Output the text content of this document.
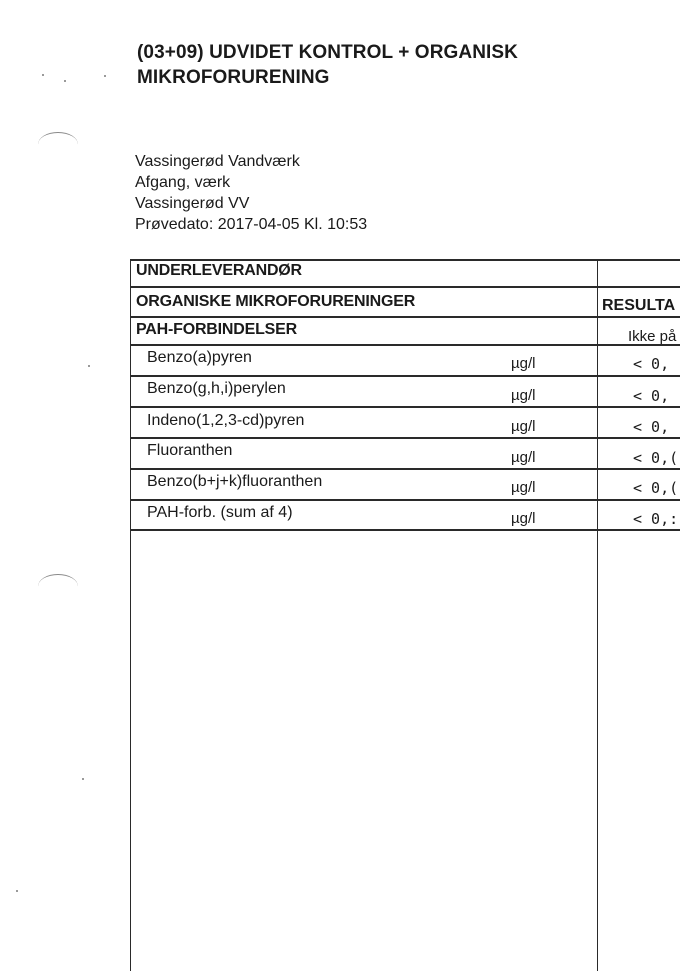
(03+09) UDVIDET KONTROL + ORGANISK
MIKROFORURENING
Vassingerød Vandværk
Afgang, værk
Vassingerød VV
Prøvedato: 2017-04-05 Kl. 10:53
UNDERLEVERANDØR
ORGANISKE MIKROFORURENINGER	RESULTA
PAH-FORBINDELSER	Ikke på
Benzo(a)pyren	µg/l	< 0,
Benzo(g,h,i)perylen	µg/l	< 0,
Indeno(1,2,3-cd)pyren	µg/l	< 0,
Fluoranthen	µg/l	< 0,(
Benzo(b+j+k)fluoranthen	µg/l	< 0,(
PAH-forb. (sum af 4)	µg/l	< 0,:
